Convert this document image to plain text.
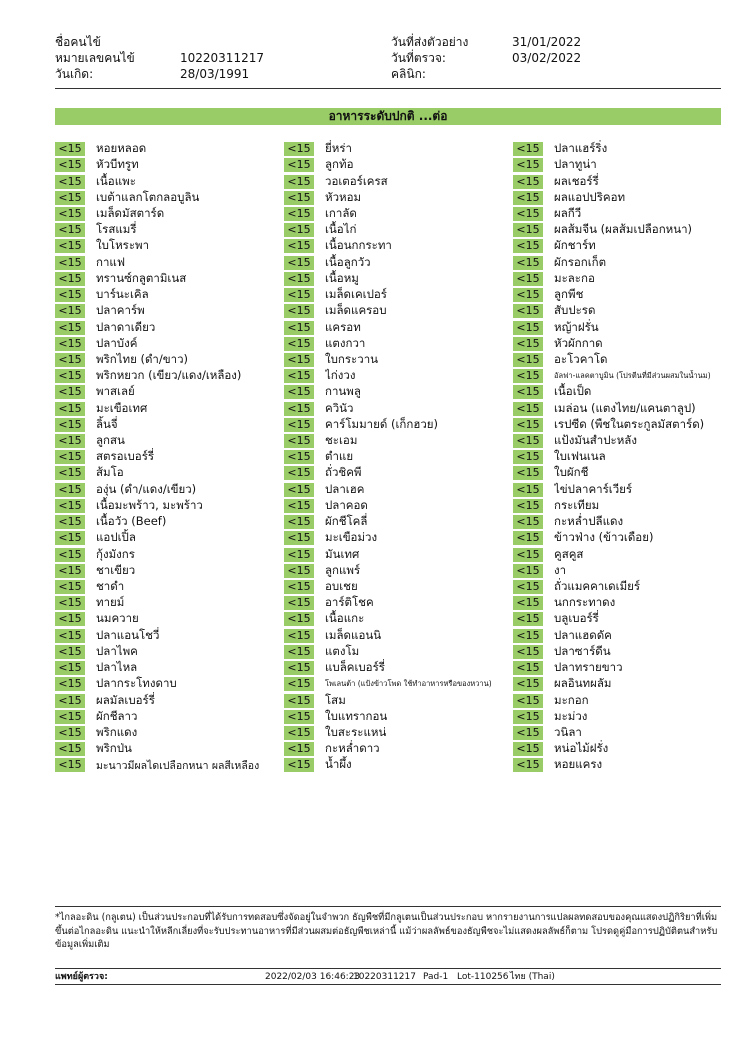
ชื่อคนไข้
หมายเลขคนไข้	10220311217
วันเกิด:	28/03/1991
วันที่ส่งตัวอย่าง	31/01/2022
วันที่ตรวจ:	03/02/2022
คลินิก:
อาหารระดับปกติ ...ต่อ
<15 หอยหลอด
<15 หัวบีทรูท
<15 เนื้อแพะ
<15 เบต้าแลกโตกลอบูลิน
<15 เมล็ดมัสตาร์ด
<15 โรสแมรี่
<15 ใบโหระพา
<15 กาแฟ
<15 ทรานซ์กลูตามิเนส
<15 บาร์นะเคิล
<15 ปลาคาร์พ
<15 ปลาดาเดียว
<15 ปลาบังค์
<15 พริกไทย (ดำ/ขาว)
<15 พริกหยวก (เขียว/แดง/เหลือง)
<15 พาสเลย์
<15 มะเขือเทศ
<15 ลิ้นจี่
<15 ลูกสน
<15 สตรอเบอร์รี่
<15 ส้มโอ
<15 องุ่น (ดำ/แดง/เขียว)
<15 เนื้อมะพร้าว, มะพร้าว
<15 เนื้อวัว (Beef)
<15 แอปเปิ้ล
<15 กุ้งมังกร
<15 ชาเขียว
<15 ชาดำ
<15 ทายม์
<15 นมควาย
<15 ปลาแอนโชวี่
<15 ปลาไพค
<15 ปลาไหล
<15 ปลากระโทงดาบ
<15 ผลมัลเบอร์รี่
<15 ผักชีลาว
<15 พริกแดง
<15 พริกป่น
<15	มะนาวมีผลไดเปลือกหนา ผลสีเหลือง
<15 ยี่หร่า
<15 ลูกท้อ
<15 วอเตอร์เครส
<15 หัวหอม
<15 เกาลัด
<15 เนื้อไก่
<15 เนื้อนกกระทา
<15 เนื้อลูกวัว
<15 เนื้อหมู
<15 เมล็ดเคเปอร์
<15 เมล็ดแครอบ
<15 แครอท
<15 แตงกวา
<15 ใบกระวาน
<15 ไก่งวง
<15 กานพลู
<15 ควินัว
<15 คาร์โมมายด์ (เก็กฮวย)
<15 ชะเอม
<15 ตำแย
<15 ถั่วชิคพี
<15 ปลาเฮค
<15 ปลาคอด
<15 ผักชีโคลี่
<15 มะเขือม่วง
<15 มันเทศ
<15 ลูกแพร์
<15 อบเชย
<15 อาร์ติโชค
<15 เนื้อแกะ
<15 เมล็ดแอนนิ
<15 แตงโม
<15 แบล็คเบอร์รี่
<15	โพเลนต้า (แป้งข้าวโพด ใช้ทำอาหารหรือของหวาน)
<15 โสม
<15 ใบแทรากอน
<15 ใบสะระแหน่
<15 กะหล่ำดาว
<15 น้ำผึ้ง
<15 ปลาแฮร์ริ่ง
<15 ปลาทูน่า
<15 ผลเชอร์รี่
<15 ผลแอปปริคอท
<15 ผลกีวี
<15 ผลส้มจีน (ผลส้มเปลือกหนา)
<15 ผักชาร์ท
<15 ผักรอกเก็ต
<15 มะละกอ
<15 ลูกพีช
<15 สับปะรด
<15 หญ้าฝรั่น
<15 หัวผักกาด
<15 อะโวคาโด
<15	อัลฟา-แลคตาบูมิน (โปรตีนที่มีส่วนผสมในน้ำนม)
<15 เนื้อเป็ด
<15 เมล่อน (แตงไทย/แคนตาลูป)
<15 เรปซีด (พืชในตระกูลมัสตาร์ด)
<15 แป้งมันสำปะหลัง
<15 ใบเฟนเนล
<15 ใบผักชี
<15 ไข่ปลาคาร์เวียร์
<15 กระเทียม
<15 กะหล่ำปลีแดง
<15 ข้าวฟ่าง (ข้าวเดือย)
<15 คูสคูส
<15 งา
<15 ถั่วแมคคาเดเมียร์
<15 นกกระทาดง
<15 บลูเบอร์รี่
<15 ปลาแฮดดัค
<15 ปลาซาร์ดีน
<15 ปลาทรายขาว
<15 ผลอินทผลัม
<15 มะกอก
<15 มะม่วง
<15 วนิลา
<15 หน่อไม้ฝรั่ง
<15 หอยแครง
*ไกลอะดิน (กลูเตน) เป็นส่วนประกอบที่ได้รับการทดสอบซึ่งจัดอยู่ในจำพวก ธัญพืชที่มีกลูเตนเป็นส่วนประกอบ หากรายงานการแปลผลทดสอบของคุณแสดงปฏิกิริยาที่เพิ่มขึ้นต่อไกลอะดิน แนะนำให้หลีกเลี่ยงที่จะรับประทานอาหารที่มีส่วนผสมต่อธัญพืชเหล่านี้ แม้ว่าผลลัพธ์ของธัญพืชจะไม่แสดงผลลัพธ์ก็ตาม โปรดดูคู่มือการปฏิบัติตนสำหรับข้อมูลเพิ่มเติม
แพทย์ผู้ตรวจ:	2022/02/03 16:46:23
10220311217 Pad-1 Lot-110256 ไทย (Thai)
